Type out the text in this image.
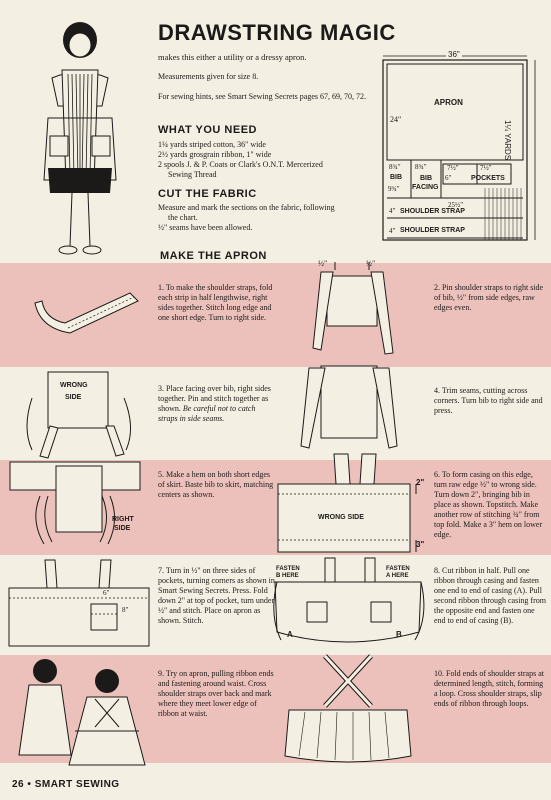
DRAWSTRING MAGIC
makes this either a utility or a dressy apron.
Measurements given for size 8.
For sewing hints, see Smart Sewing Secrets pages 67, 69, 70, 72.
WHAT YOU NEED
1¼ yards striped cotton, 36" wide
2½ yards grosgrain ribbon, 1" wide
2 spools J. & P. Coats or Clark's O.N.T. Mercerized
Sewing Thread
CUT THE FABRIC
Measure and mark the sections on the fabric, following
the chart.
½" seams have been allowed.
36"
1¼ YARDS
APRON
24"
8¾"
BIB
9¾"
8¾"
BIB
FACING
7½"	7½"
POCKETS
6"
25½"
4" SHOULDER STRAP
4" SHOULDER STRAP
MAKE THE APRON
1. To make the shoulder straps, fold each strip in half lengthwise, right sides together. Stitch long edge and one short edge. Turn to right side.
½"	½"
2. Pin shoulder straps to right side of bib, ½" from side edges, raw edges even.
WRONG
SIDE
3. Place facing over bib, right sides together. Pin and stitch together as shown. Be careful not to catch straps in side seams.
4. Trim seams, cutting across corners. Turn bib to right side and press.
RIGHT
SIDE
5. Make a hem on both short edges of skirt. Baste bib to skirt, matching centers as shown.
WRONG SIDE
2"
3"
6. To form casing on this edge, turn raw edge ½" to wrong side. Turn down 2", bringing bib in place as shown. Topstitch. Make another row of stitching ¾" from top fold. Make a 3" hem on lower edge.
6"
8"
7. Turn in ½" on three sides of pockets, turning corners as shown in Smart Sewing Secrets. Press. Fold down 2" at top of pocket, turn under ½" and stitch. Place on apron as shown. Stitch.
FASTEN
B HERE
FASTEN
A HERE
A	B
8. Cut ribbon in half. Pull one ribbon through casing and fasten one end to end of casing (A). Pull second ribbon through casing from the opposite end and fasten one end to end of casing (B).
9. Try on apron, pulling ribbon ends and fastening around waist. Cross shoulder straps over back and mark where they meet lower edge of ribbon at waist.
10. Fold ends of shoulder straps at determined length, stitch, forming a loop. Cross shoulder straps, slip ends of ribbon through loops.
26 • SMART SEWING
